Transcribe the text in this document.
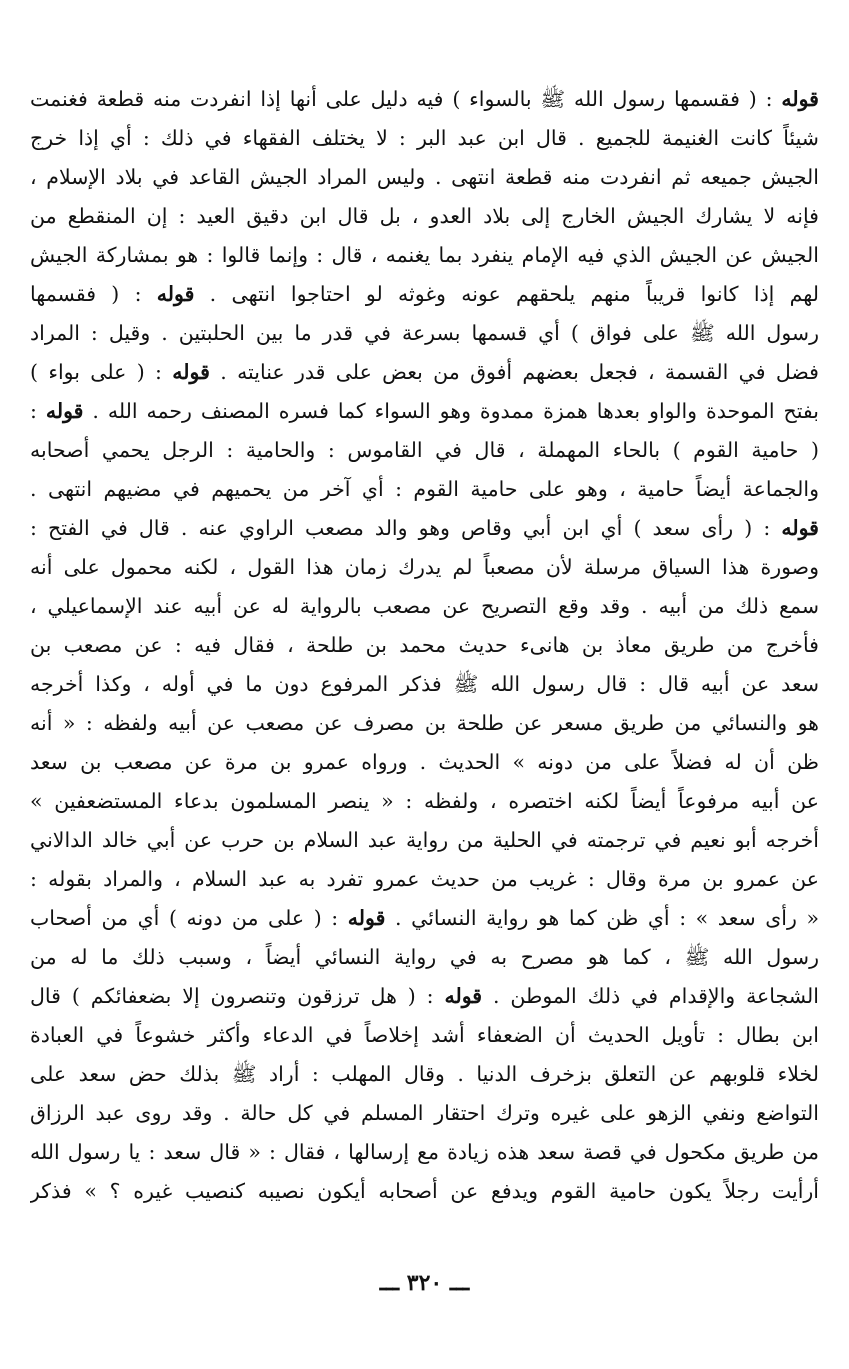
قوله : ( فقسمها رسول الله ﷺ بالسواء ) فيه دليل على أنها إذا انفردت منه قطعة فغنمت
شيئاً كانت الغنيمة للجميع . قال ابن عبد البر : لا يختلف الفقهاء في ذلك : أي إذا خرج
الجيش جميعه ثم انفردت منه قطعة انتهى . وليس المراد الجيش القاعد في بلاد الإسلام ،
فإنه لا يشارك الجيش الخارج إلى بلاد العدو ، بل قال ابن دقيق العيد : إن المنقطع من
الجيش عن الجيش الذي فيه الإمام ينفرد بما يغنمه ، قال : وإنما قالوا : هو بمشاركة الجيش
لهم إذا كانوا قريباً منهم يلحقهم عونه وغوثه لو احتاجوا انتهى . قوله : ( فقسمها
رسول الله ﷺ على فواق ) أي قسمها بسرعة في قدر ما بين الحلبتين . وقيل : المراد
فضل في القسمة ، فجعل بعضهم أفوق من بعض على قدر عنايته . قوله : ( على بواء )
بفتح الموحدة والواو بعدها همزة ممدوة وهو السواء كما فسره المصنف رحمه الله . قوله :
( حامية القوم ) بالحاء المهملة ، قال في القاموس : والحامية : الرجل يحمي أصحابه
والجماعة أيضاً حامية ، وهو على حامية القوم : أي آخر من يحميهم في مضيهم انتهى .
قوله : ( رأى سعد ) أي ابن أبي وقاص وهو والد مصعب الراوي عنه . قال في الفتح :
وصورة هذا السياق مرسلة لأن مصعباً لم يدرك زمان هذا القول ، لكنه محمول على أنه
سمع ذلك من أبيه . وقد وقع التصريح عن مصعب بالرواية له عن أبيه عند الإسماعيلي ،
فأخرج من طريق معاذ بن هانىء حديث محمد بن طلحة ، فقال فيه : عن مصعب بن
سعد عن أبيه قال : قال رسول الله ﷺ فذكر المرفوع دون ما في أوله ، وكذا أخرجه
هو والنسائي من طريق مسعر عن طلحة بن مصرف عن مصعب عن أبيه ولفظه : « أنه
ظن أن له فضلاً على من دونه » الحديث . ورواه عمرو بن مرة عن مصعب بن سعد
عن أبيه مرفوعاً أيضاً لكنه اختصره ، ولفظه : « ينصر المسلمون بدعاء المستضعفين »
أخرجه أبو نعيم في ترجمته في الحلية من رواية عبد السلام بن حرب عن أبي خالد الدالاني
عن عمرو بن مرة وقال : غريب من حديث عمرو تفرد به عبد السلام ، والمراد بقوله :
« رأى سعد » : أي ظن كما هو رواية النسائي . قوله : ( على من دونه ) أي من أصحاب
رسول الله ﷺ ، كما هو مصرح به في رواية النسائي أيضاً ، وسبب ذلك ما له من
الشجاعة والإقدام في ذلك الموطن . قوله : ( هل ترزقون وتنصرون إلا بضعفائكم ) قال
ابن بطال : تأويل الحديث أن الضعفاء أشد إخلاصاً في الدعاء وأكثر خشوعاً في العبادة
لخلاء قلوبهم عن التعلق بزخرف الدنيا . وقال المهلب : أراد ﷺ بذلك حض سعد على
التواضع ونفي الزهو على غيره وترك احتقار المسلم في كل حالة . وقد روى عبد الرزاق
من طريق مكحول في قصة سعد هذه زيادة مع إرسالها ، فقال : « قال سعد : يا رسول الله
أرأيت رجلاً يكون حامية القوم ويدفع عن أصحابه أيكون نصيبه كنصيب غيره ؟ » فذكر
ـــ ٣٢٠ ـــ
